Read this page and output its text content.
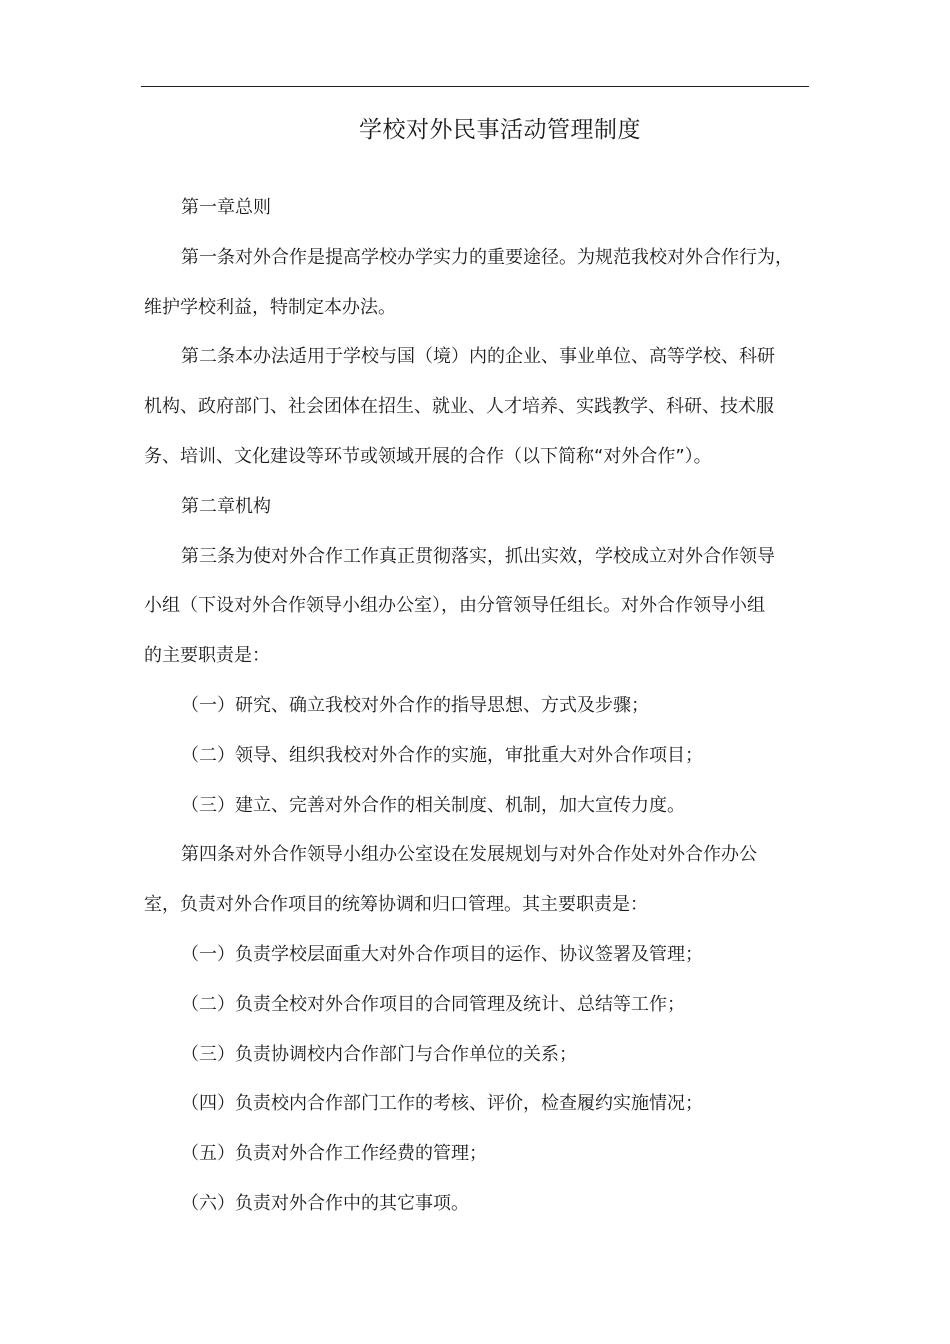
学校对外民事活动管理制度
第一章总则
第一条对外合作是提高学校办学实力的重要途径。为规范我校对外合作行为，
维护学校利益，特制定本办法。
第二条本办法适用于学校与国（境）内的企业、事业单位、高等学校、科研
机构、政府部门、社会团体在招生、就业、人才培养、实践教学、科研、技术服
务、培训、文化建设等环节或领域开展的合作（以下简称“对外合作”）。
第二章机构
第三条为使对外合作工作真正贯彻落实，抓出实效，学校成立对外合作领导
小组（下设对外合作领导小组办公室），由分管领导任组长。对外合作领导小组
的主要职责是：
（一）研究、确立我校对外合作的指导思想、方式及步骤；
（二）领导、组织我校对外合作的实施，审批重大对外合作项目；
（三）建立、完善对外合作的相关制度、机制，加大宣传力度。
第四条对外合作领导小组办公室设在发展规划与对外合作处对外合作办公
室，负责对外合作项目的统筹协调和归口管理。其主要职责是：
（一）负责学校层面重大对外合作项目的运作、协议签署及管理；
（二）负责全校对外合作项目的合同管理及统计、总结等工作；
（三）负责协调校内合作部门与合作单位的关系；
（四）负责校内合作部门工作的考核、评价，检查履约实施情况；
（五）负责对外合作工作经费的管理；
（六）负责对外合作中的其它事项。
